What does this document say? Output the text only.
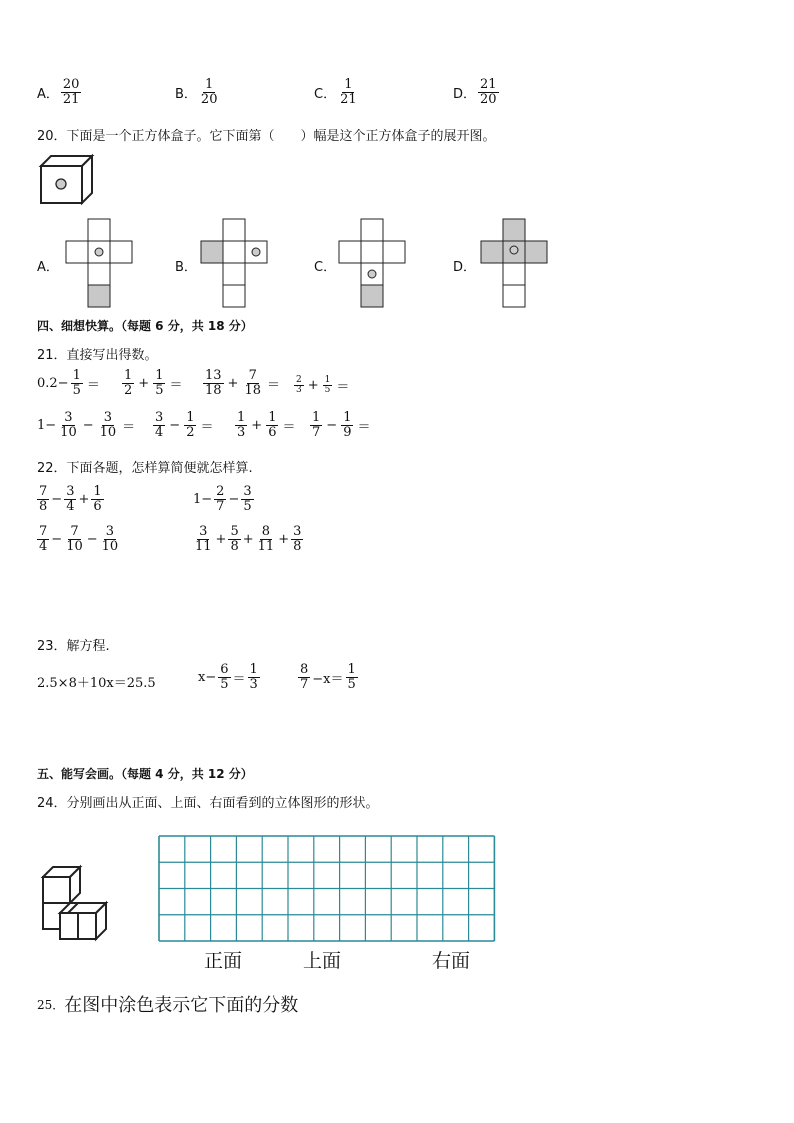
A． $\frac{20}{21}$	B． $\frac{1}{20}$	C． $\frac{1}{21}$	D． $\frac{21}{20}$
20．下面是一个正方体盒子。它下面第（　　）幅是这个正方体盒子的展开图。
A．	B．	C．	D．
四、细想快算。（每题 6 分，共 18 分）
21．直接写出得数。
$0.2- \frac{1}{5} = \frac{1}{2} + \frac{1}{5} = \frac{13}{18} + \frac{7}{18} = \frac{2}{3} + \frac{1}{5}$ ＝
$1- \frac{3}{10} - \frac{3}{10} = \frac{3}{4} - \frac{1}{2} = \frac{1}{3} + \frac{1}{6} = \frac{1}{7} - \frac{1}{9}$ ＝
22．下面各题，怎样算简便就怎样算.
$\frac{7}{8} - \frac{3}{4} + \frac{1}{6}$	$1- \frac{2}{7} - \frac{3}{5}$
$\frac{7}{4} - \frac{7}{10} - \frac{3}{10}$	$\frac{3}{11} + \frac{5}{8} + \frac{8}{11} + \frac{3}{8}$
23．解方程.
2.5×8＋10x＝25.5	$x- \frac{6}{5} = \frac{1}{3}$	$\frac{8}{7} -x= \frac{1}{5}$
五、能写会画。（每题 4 分，共 12 分）
24．分别画出从正面、上面、右面看到的立体图形的形状。
正面	上面	右面
25． 在图中涂色表示它下面的分数
